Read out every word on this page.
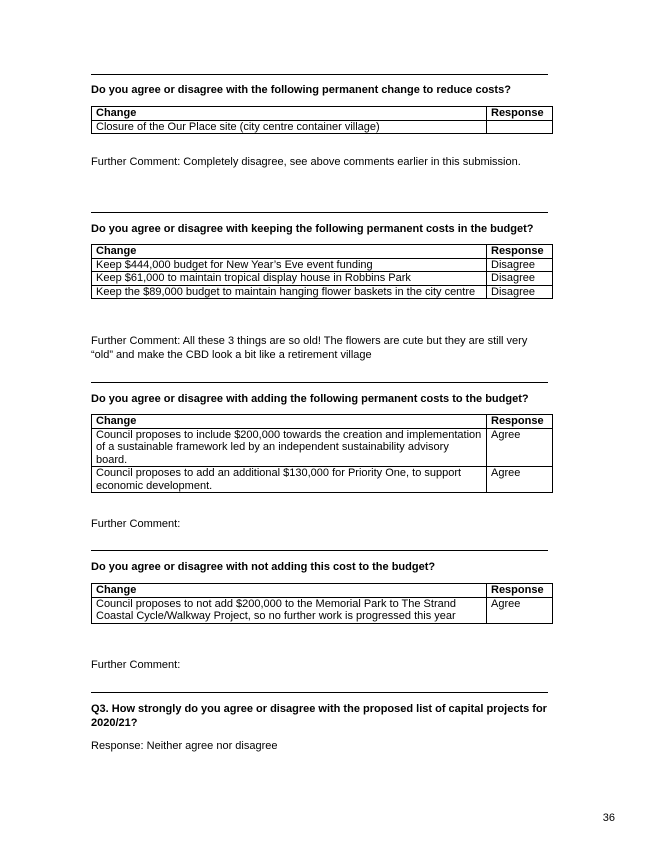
Do you agree or disagree with the following permanent change to reduce costs?
Change	Response
Closure of the Our Place site (city centre container village)	
Further Comment: Completely disagree, see above comments earlier in this submission.
Do you agree or disagree with keeping the following permanent costs in the budget?
Change	Response
Keep $444,000 budget for New Year’s Eve event funding	Disagree
Keep $61,000 to maintain tropical display house in Robbins Park	Disagree
Keep the $89,000 budget to maintain hanging flower baskets in the city centre	Disagree
Further Comment: All these 3 things are so old! The flowers are cute but they are still very “old” and make the CBD look a bit like a retirement village
Do you agree or disagree with adding the following permanent costs to the budget?
Change	Response
Council proposes to include $200,000 towards the creation and implementation of a sustainable framework led by an independent sustainability advisory board.	Agree
Council proposes to add an additional $130,000 for Priority One, to support economic development.	Agree
Further Comment:
Do you agree or disagree with not adding this cost to the budget?
Change	Response
Council proposes to not add $200,000 to the Memorial Park to The Strand Coastal Cycle/Walkway Project, so no further work is progressed this year	Agree
Further Comment:
Q3. How strongly do you agree or disagree with the proposed list of capital projects for 2020/21?
Response: Neither agree nor disagree
36
